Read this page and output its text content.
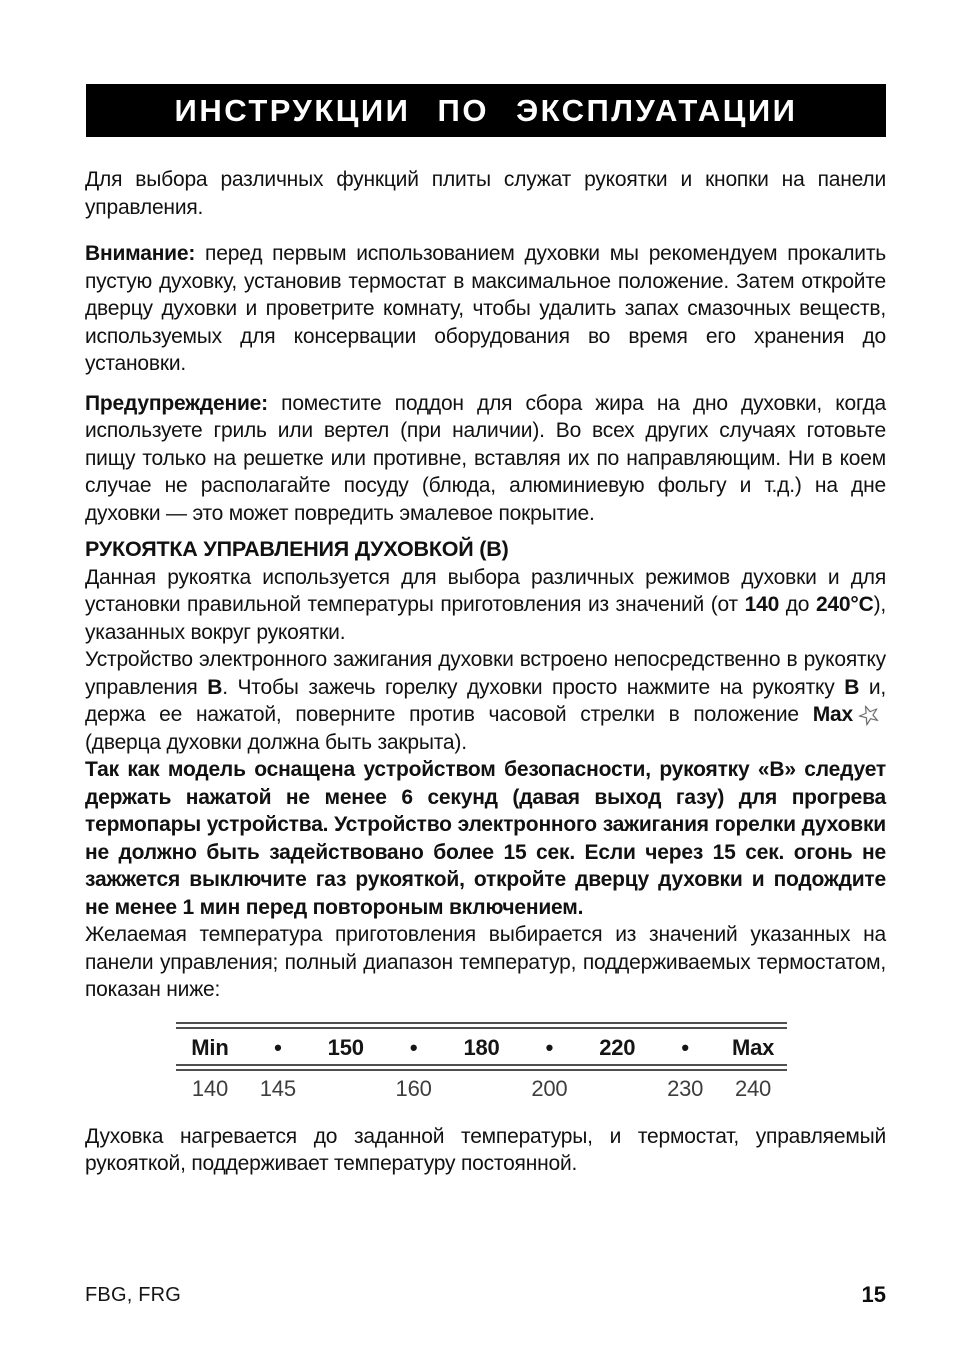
ИНСТРУКЦИИ ПО ЭКСПЛУАТАЦИИ

Для выбора различных функций плиты служат рукоятки и кнопки на панели управления.

Внимание: перед первым использованием духовки мы рекомендуем прокалить пустую духовку, установив термостат в максимальное положение. Затем откройте дверцу духовки и проветрите комнату, чтобы удалить запах смазочных веществ, используемых для консервации оборудования во время его хранения до установки.

Предупреждение: поместите поддон для сбора жира на дно духовки, когда используете гриль или вертел (при наличии). Во всех других случаях готовьте пищу только на решетке или противне, вставляя их по направляющим. Ни в коем случае не располагайте посуду (блюда, алюминиевую фольгу и т.д.) на дне духовки — это может повредить эмалевое покрытие.

РУКОЯТКА УПРАВЛЕНИЯ ДУХОВКОЙ (В)

Данная рукоятка используется для выбора различных режимов духовки и для установки правильной температуры приготовления из значений (от 140 до 240°С), указанных вокруг рукоятки.

Устройство электронного зажигания духовки встроено непосредственно в рукоятку управления В. Чтобы зажечь горелку духовки просто нажмите на рукоятку В и, держа ее нажатой, поверните против часовой стрелки в положение Max☆ (дверца духовки должна быть закрыта).

Так как модель оснащена устройством безопасности, рукоятку «В» следует держать нажатой не менее 6 секунд (давая выход газу) для прогрева термопары устройства. Устройство электронного зажигания горелки духовки не должно быть задействовано более 15 сек. Если через 15 сек. огонь не зажжется выключите газ рукояткой, откройте дверцу духовки и подождите не менее 1 мин перед повтороным включением.

Желаемая температура приготовления выбирается из значений указанных на панели управления; полный диапазон температур, поддерживаемых термостатом, показан ниже:

Min	•	150	•	180	•	220	•	Max
140	145	160	200	230	240

Духовка нагревается до заданной температуры, и термостат, управляемый рукояткой, поддерживает температуру постоянной.

FBG, FRG	15
